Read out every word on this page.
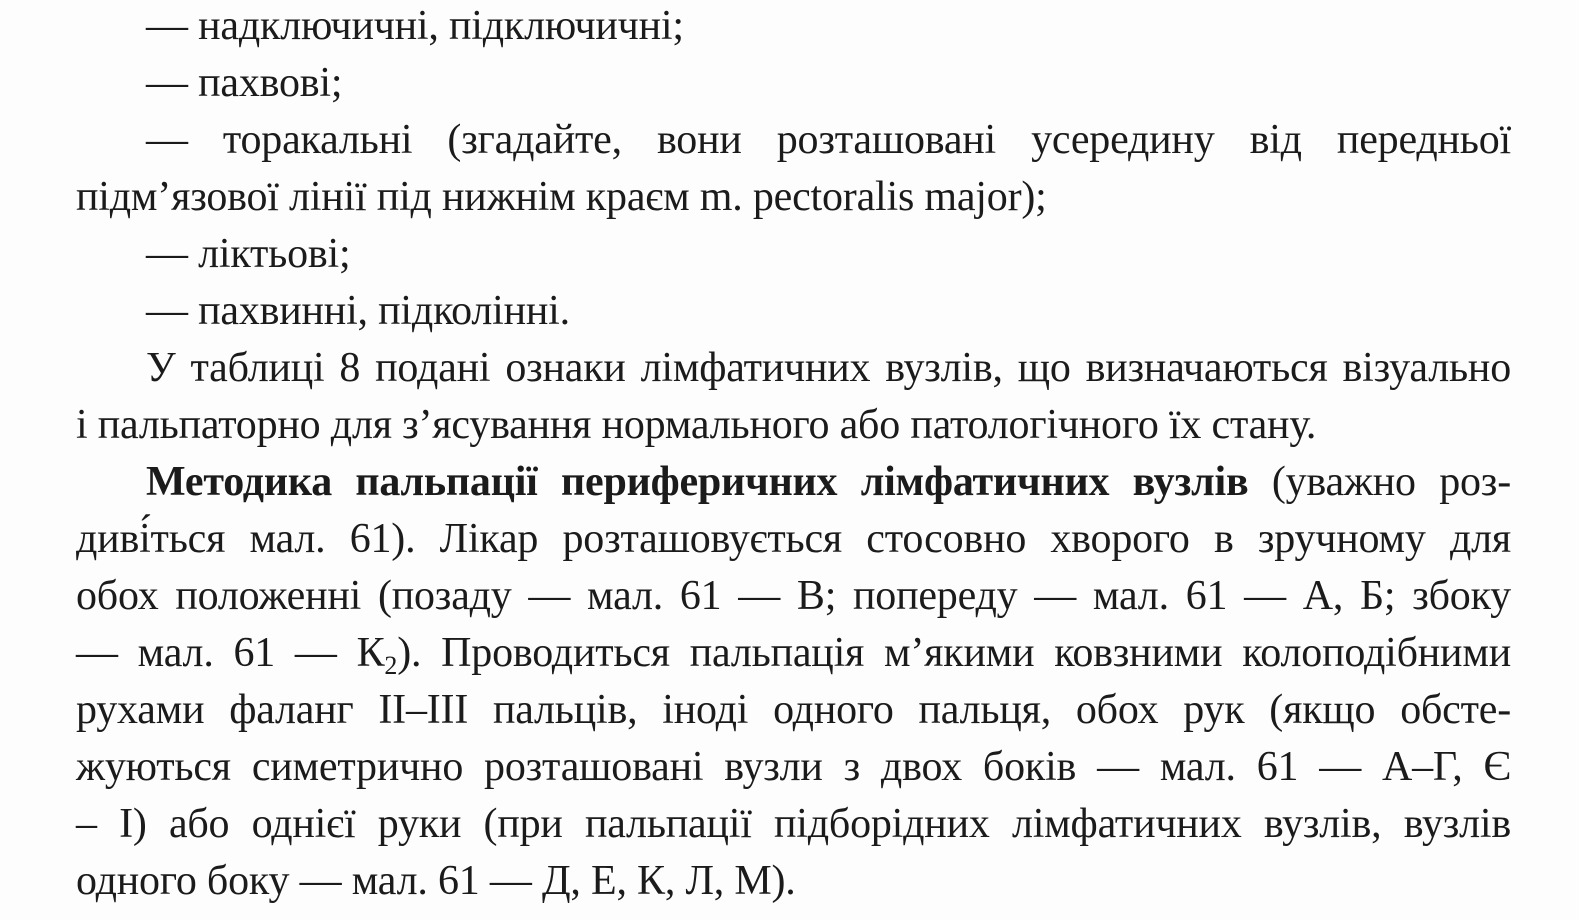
— надключичні, підключичні;
— пахвові;
— торакальні (згадайте, вони розташовані усередину від передньої
підм’язової лінії під нижнім краєм m. pectoralis major);
— ліктьові;
— пахвинні, підколінні.
У таблиці 8 подані ознаки лімфатичних вузлів, що визначаються візуально
і пальпаторно для з’ясування нормального або патологічного їх стану.
Методика пальпації периферичних лімфатичних вузлів (уважно роз-
диві́ться мал. 61). Лікар розташовується стосовно хворого в зручному для
обох положенні (позаду — мал. 61 — В; попереду — мал. 61 — А, Б; збоку
— мал. 61 — $К_2$). Проводиться пальпація м’якими ковзними колоподібними
рухами фаланг II–III пальців, іноді одного пальця, обох рук (якщо обсте-
жуються симетрично розташовані вузли з двох боків — мал. 61 — А–Г, Є
– І) або однієї руки (при пальпації підборідних лімфатичних вузлів, вузлів
одного боку — мал. 61 — Д, Е, К, Л, М).
